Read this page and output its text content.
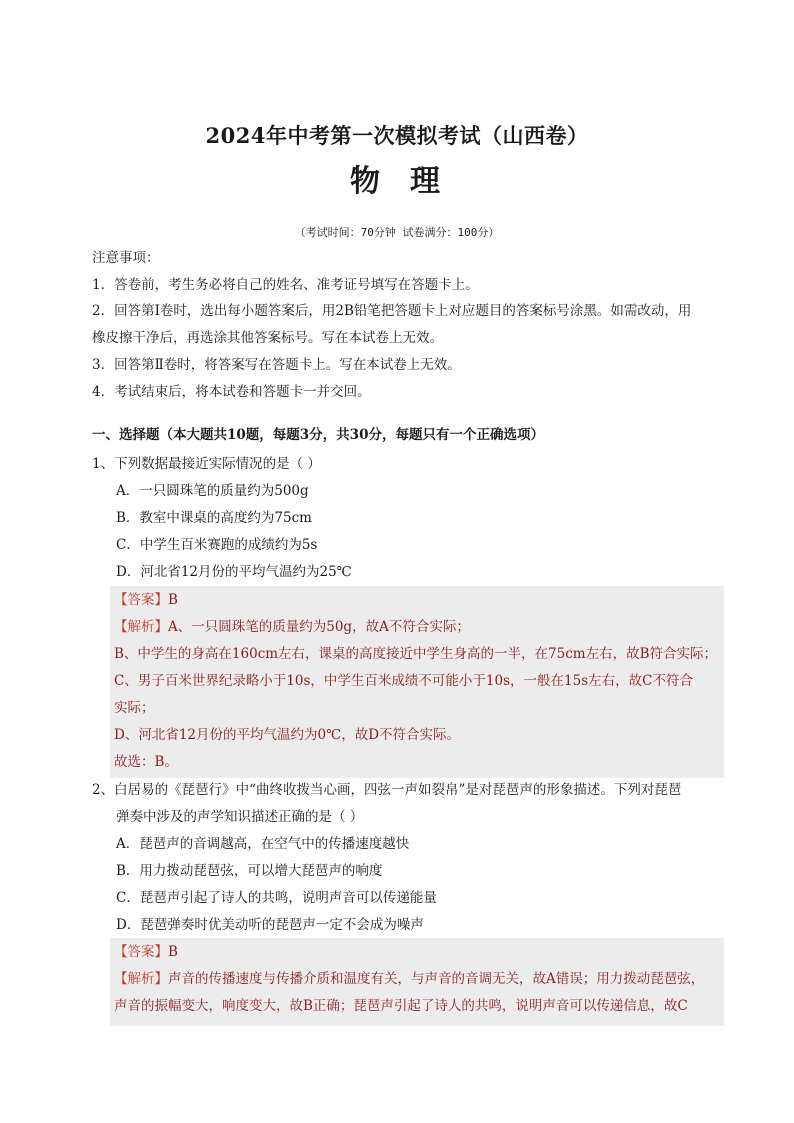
2024年中考第一次模拟考试（山西卷）
物 理
（考试时间：70分钟 试卷满分：100分）
注意事项：
1．答卷前，考生务必将自己的姓名、准考证号填写在答题卡上。
2．回答第Ⅰ卷时，选出每小题答案后，用2B铅笔把答题卡上对应题目的答案标号涂黑。如需改动，用
橡皮擦干净后，再选涂其他答案标号。写在本试卷上无效。
3．回答第Ⅱ卷时，将答案写在答题卡上。写在本试卷上无效。
4．考试结束后，将本试卷和答题卡一并交回。
一、选择题（本大题共10题，每题3分，共30分，每题只有一个正确选项）
1、下列数据最接近实际情况的是（ ）
A．一只圆珠笔的质量约为500g
B．教室中课桌的高度约为75cm
C．中学生百米赛跑的成绩约为5s
D．河北省12月份的平均气温约为25℃
【答案】B
【解析】A、一只圆珠笔的质量约为50g，故A不符合实际；
B、中学生的身高在160cm左右，课桌的高度接近中学生身高的一半，在75cm左右，故B符合实际；
C、男子百米世界纪录略小于10s，中学生百米成绩不可能小于10s，一般在15s左右，故C不符合
实际；
D、河北省12月份的平均气温约为0℃，故D不符合实际。
故选：B。
2、白居易的《琵琶行》中“曲终收拨当心画，四弦一声如裂帛”是对琵琶声的形象描述。下列对琵琶
弹奏中涉及的声学知识描述正确的是（ ）
A．琵琶声的音调越高，在空气中的传播速度越快
B．用力拨动琵琶弦，可以增大琵琶声的响度
C．琵琶声引起了诗人的共鸣，说明声音可以传递能量
D．琵琶弹奏时优美动听的琵琶声一定不会成为噪声
【答案】B
【解析】声音的传播速度与传播介质和温度有关，与声音的音调无关，故A错误；用力拨动琵琶弦，
声音的振幅变大，响度变大，故B正确；琵琶声引起了诗人的共鸣，说明声音可以传递信息，故C
